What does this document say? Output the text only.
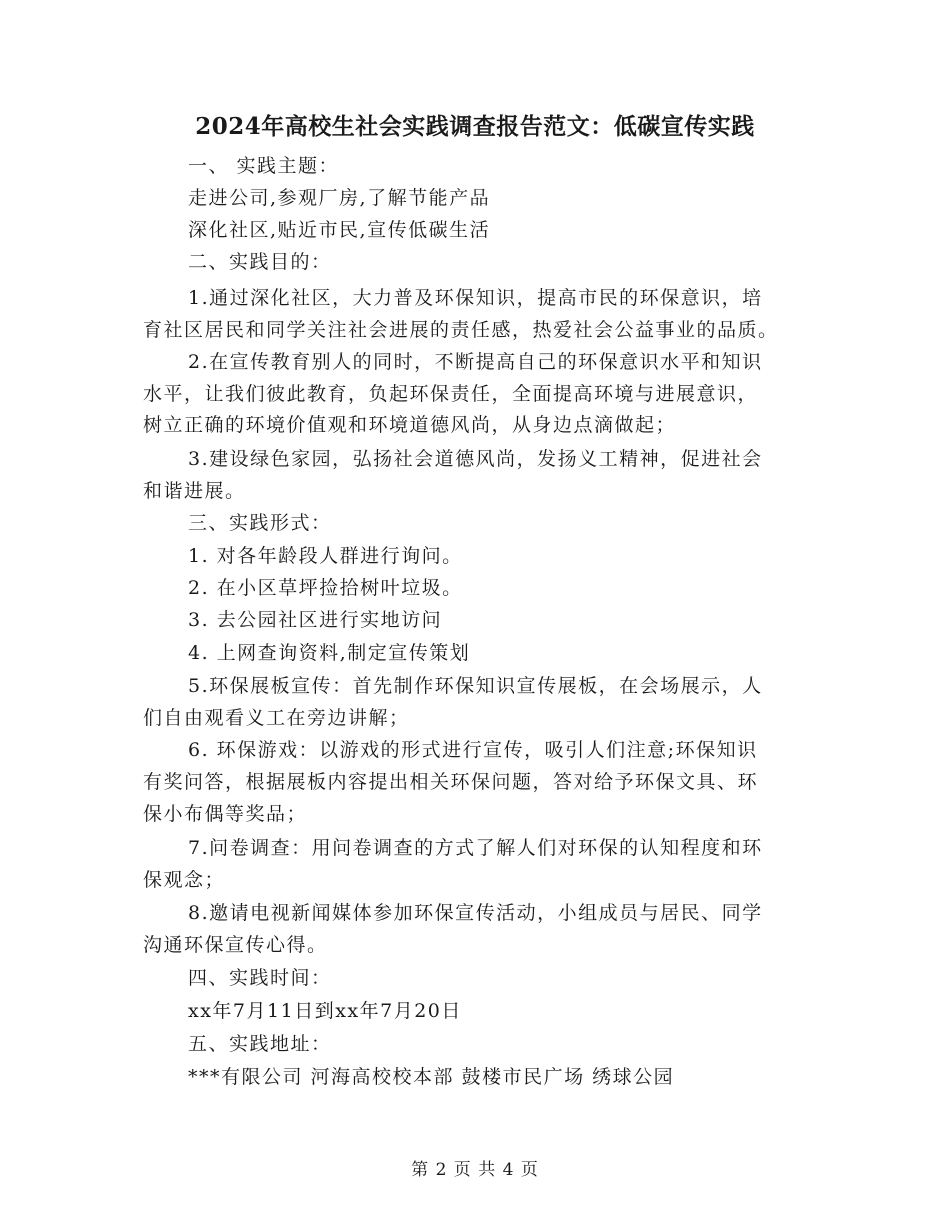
2024年高校生社会实践调查报告范文：低碳宣传实践
一、 实践主题：
走进公司,参观厂房,了解节能产品
深化社区,贴近市民,宣传低碳生活
二、实践目的：
1.通过深化社区，大力普及环保知识，提高市民的环保意识，培
育社区居民和同学关注社会进展的责任感，热爱社会公益事业的品质。
2.在宣传教育别人的同时，不断提高自己的环保意识水平和知识
水平，让我们彼此教育，负起环保责任，全面提高环境与进展意识，
树立正确的环境价值观和环境道德风尚，从身边点滴做起；
3.建设绿色家园，弘扬社会道德风尚，发扬义工精神，促进社会
和谐进展。
三、实践形式：
1. 对各年龄段人群进行询问。
2. 在小区草坪捡拾树叶垃圾。
3. 去公园社区进行实地访问
4. 上网查询资料,制定宣传策划
5.环保展板宣传：首先制作环保知识宣传展板，在会场展示，人
们自由观看义工在旁边讲解；
6. 环保游戏：以游戏的形式进行宣传，吸引人们注意;环保知识
有奖问答，根据展板内容提出相关环保问题，答对给予环保文具、环
保小布偶等奖品；
7.问卷调查：用问卷调查的方式了解人们对环保的认知程度和环
保观念；
8.邀请电视新闻媒体参加环保宣传活动，小组成员与居民、同学
沟通环保宣传心得。
四、实践时间：
xx年7月11日到xx年7月20日
五、实践地址：
***有限公司 河海高校校本部 鼓楼市民广场 绣球公园
第 2 页 共 4 页
